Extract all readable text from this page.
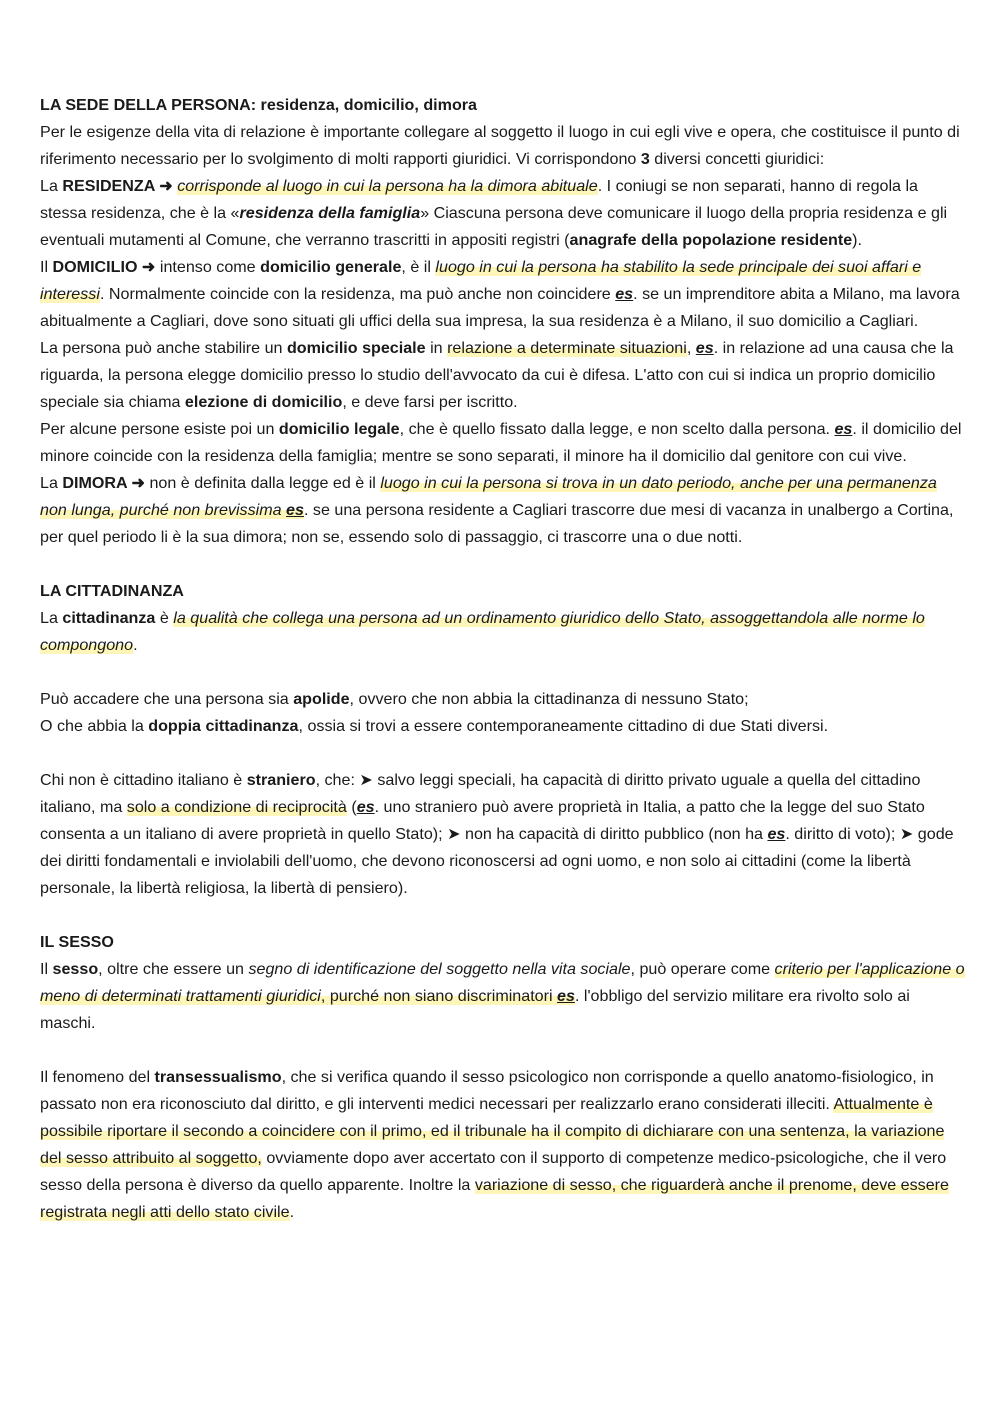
LA SEDE DELLA PERSONA: residenza, domicilio, dimora

Per le esigenze della vita di relazione è importante collegare al soggetto il luogo in cui egli vive e opera, che costituisce il punto di riferimento necessario per lo svolgimento di molti rapporti giuridici. Vi corrispondono 3 diversi concetti giuridici:

La RESIDENZA ➜ corrisponde al luogo in cui la persona ha la dimora abituale. I coniugi se non separati, hanno di regola la stessa residenza, che è la «residenza della famiglia» Ciascuna persona deve comunicare il luogo della propria residenza e gli eventuali mutamenti al Comune, che verranno trascritti in appositi registri (anagrafe della popolazione residente).

Il DOMICILIO ➜ intenso come domicilio generale, è il luogo in cui la persona ha stabilito la sede principale dei suoi affari e interessi. Normalmente coincide con la residenza, ma può anche non coincidere es. se un imprenditore abita a Milano, ma lavora abitualmente a Cagliari, dove sono situati gli uffici della sua impresa, la sua residenza è a Milano, il suo domicilio a Cagliari.

La persona può anche stabilire un domicilio speciale in relazione a determinate situazioni, es. in relazione ad una causa che la riguarda, la persona elegge domicilio presso lo studio dell'avvocato da cui è difesa. L'atto con cui si indica un proprio domicilio speciale sia chiama elezione di domicilio, e deve farsi per iscritto.

Per alcune persone esiste poi un domicilio legale, che è quello fissato dalla legge, e non scelto dalla persona. es. il domicilio del minore coincide con la residenza della famiglia; mentre se sono separati, il minore ha il domicilio dal genitore con cui vive.

La DIMORA ➜ non è definita dalla legge ed è il luogo in cui la persona si trova in un dato periodo, anche per una permanenza non lunga, purché non brevissima es. se una persona residente a Cagliari trascorre due mesi di vacanza in unalbergo a Cortina, per quel periodo li è la sua dimora; non se, essendo solo di passaggio, ci trascorre una o due notti.

LA CITTADINANZA

La cittadinanza è la qualità che collega una persona ad un ordinamento giuridico dello Stato, assoggettandola alle norme lo compongono.

Può accadere che una persona sia apolide, ovvero che non abbia la cittadinanza di nessuno Stato;

O che abbia la doppia cittadinanza, ossia si trovi a essere contemporaneamente cittadino di due Stati diversi.

Chi non è cittadino italiano è straniero, che: ➤ salvo leggi speciali, ha capacità di diritto privato uguale a quella del cittadino italiano, ma solo a condizione di reciprocità (es. uno straniero può avere proprietà in Italia, a patto che la legge del suo Stato consenta a un italiano di avere proprietà in quello Stato); ➤ non ha capacità di diritto pubblico (non ha es. diritto di voto); ➤ gode dei diritti fondamentali e inviolabili dell'uomo, che devono riconoscersi ad ogni uomo, e non solo ai cittadini (come la libertà personale, la libertà religiosa, la libertà di pensiero).

IL SESSO

Il sesso, oltre che essere un segno di identificazione del soggetto nella vita sociale, può operare come criterio per l'applicazione o meno di determinati trattamenti giuridici, purché non siano discriminatori es. l'obbligo del servizio militare era rivolto solo ai maschi.

Il fenomeno del transessualismo, che si verifica quando il sesso psicologico non corrisponde a quello anatomo-fisiologico, in passato non era riconosciuto dal diritto, e gli interventi medici necessari per realizzarlo erano considerati illeciti. Attualmente è possibile riportare il secondo a coincidere con il primo, ed il tribunale ha il compito di dichiarare con una sentenza, la variazione del sesso attribuito al soggetto, ovviamente dopo aver accertato con il supporto di competenze medico-psicologiche, che il vero sesso della persona è diverso da quello apparente. Inoltre la variazione di sesso, che riguarderà anche il prenome, deve essere registrata negli atti dello stato civile.
